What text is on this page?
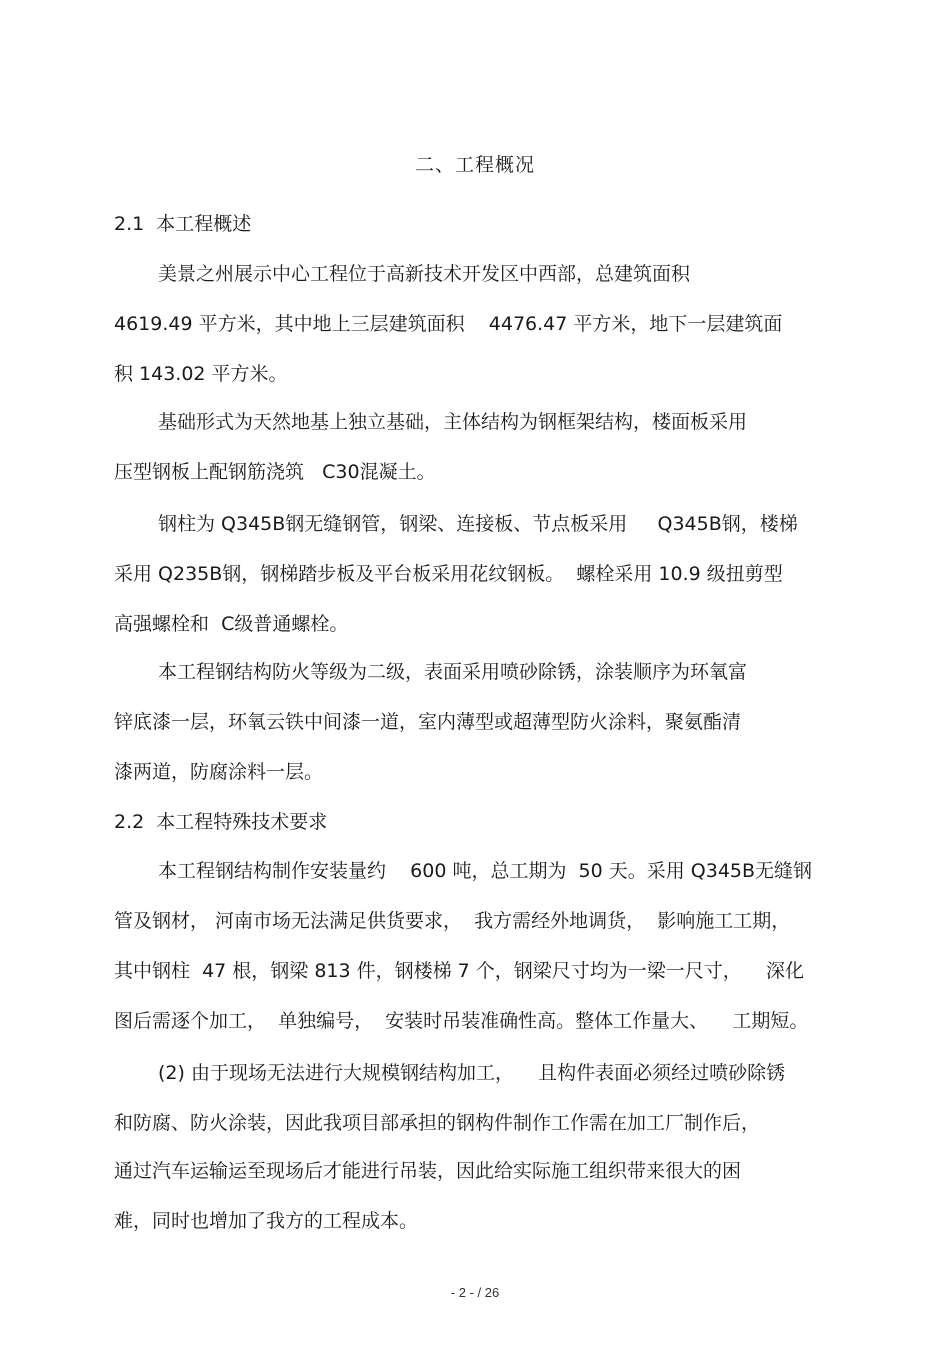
二、工程概况
2.1  本工程概述
美景之州展示中心工程位于高新技术开发区中西部，总建筑面积
4619.49 平方米，其中地上三层建筑面积    4476.47 平方米，地下一层建筑面
积 143.02 平方米。
基础形式为天然地基上独立基础，主体结构为钢框架结构，楼面板采用
压型钢板上配钢筋浇筑   C30混凝土。
钢柱为 Q345B钢无缝钢管，钢梁、连接板、节点板采用     Q345B钢，楼梯
采用 Q235B钢，钢梯踏步板及平台板采用花纹钢板。  螺栓采用 10.9 级扭剪型
高强螺栓和  C级普通螺栓。
本工程钢结构防火等级为二级，表面采用喷砂除锈，涂装顺序为环氧富
锌底漆一层，环氧云铁中间漆一道，室内薄型或超薄型防火涂料，聚氨酯清
漆两道，防腐涂料一层。
2.2  本工程特殊技术要求
本工程钢结构制作安装量约    600 吨，总工期为  50 天。采用 Q345B无缝钢
管及钢材， 河南市场无法满足供货要求，  我方需经外地调货，  影响施工工期，
其中钢柱  47 根，钢梁 813 件，钢楼梯 7 个，钢梁尺寸均为一梁一尺寸，    深化
图后需逐个加工，  单独编号，  安装时吊装准确性高。整体工作量大、    工期短。
(2) 由于现场无法进行大规模钢结构加工，    且构件表面必须经过喷砂除锈
和防腐、防火涂装，因此我项目部承担的钢构件制作工作需在加工厂制作后，
通过汽车运输运至现场后才能进行吊装，因此给实际施工组织带来很大的困
难，同时也增加了我方的工程成本。
- 2 - / 26
